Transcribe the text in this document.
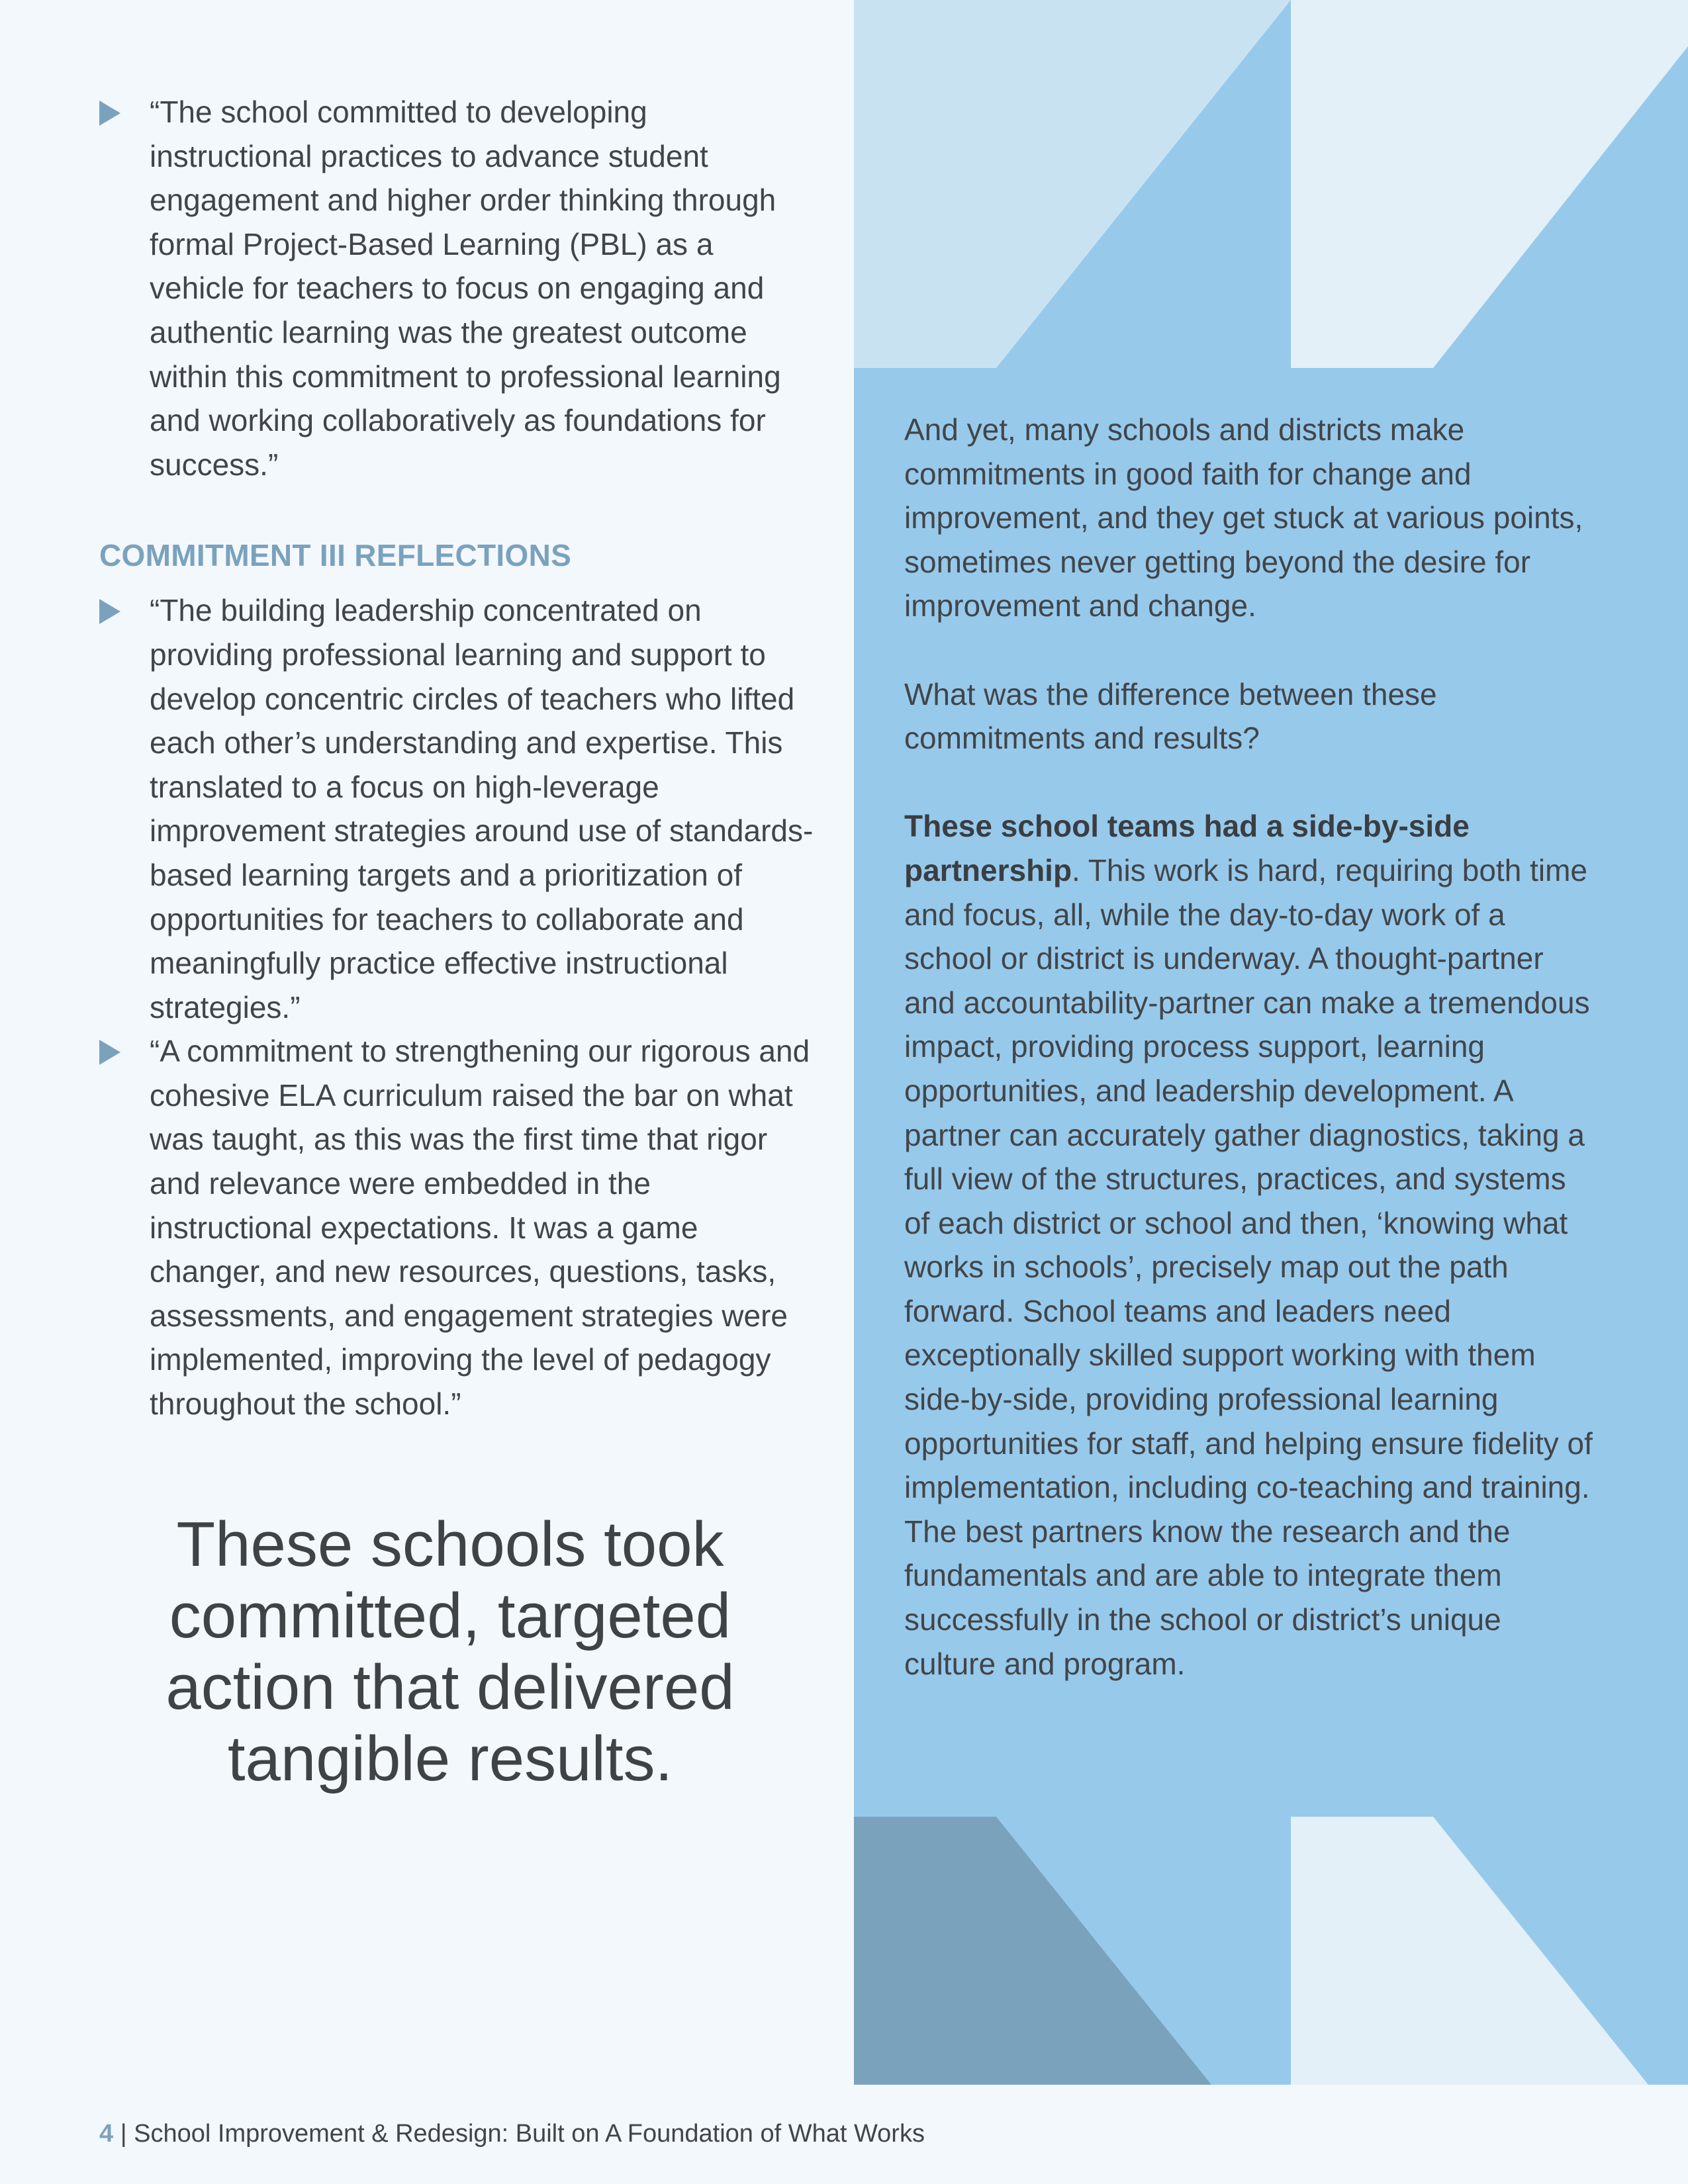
“The school committed to developing instructional practices to advance student engagement and higher order thinking through formal Project-Based Learning (PBL) as a vehicle for teachers to focus on engaging and authentic learning was the greatest outcome within this commitment to professional learning and working collaboratively as foundations for success.”
COMMITMENT III REFLECTIONS
“The building leadership concentrated on providing professional learning and support to develop concentric circles of teachers who lifted each other’s understanding and expertise. This translated to a focus on high-leverage improvement strategies around use of standards-based learning targets and a prioritization of opportunities for teachers to collaborate and meaningfully practice effective instructional strategies.”
“A commitment to strengthening our rigorous and cohesive ELA curriculum raised the bar on what was taught, as this was the first time that rigor and relevance were embedded in the instructional expectations. It was a game changer, and new resources, questions, tasks, assessments, and engagement strategies were implemented, improving the level of pedagogy throughout the school.”
These schools took committed, targeted action that delivered tangible results.

And yet, many schools and districts make commitments in good faith for change and improvement, and they get stuck at various points, sometimes never getting beyond the desire for improvement and change.

What was the difference between these commitments and results?

These school teams had a side-by-side partnership. This work is hard, requiring both time and focus, all, while the day-to-day work of a school or district is underway. A thought-partner and accountability-partner can make a tremendous impact, providing process support, learning opportunities, and leadership development. A partner can accurately gather diagnostics, taking a full view of the structures, practices, and systems of each district or school and then, ‘knowing what works in schools’, precisely map out the path forward. School teams and leaders need exceptionally skilled support working with them side-by-side, providing professional learning opportunities for staff, and helping ensure fidelity of implementation, including co-teaching and training. The best partners know the research and the fundamentals and are able to integrate them successfully in the school or district’s unique culture and program.

4 | School Improvement & Redesign: Built on A Foundation of What Works
